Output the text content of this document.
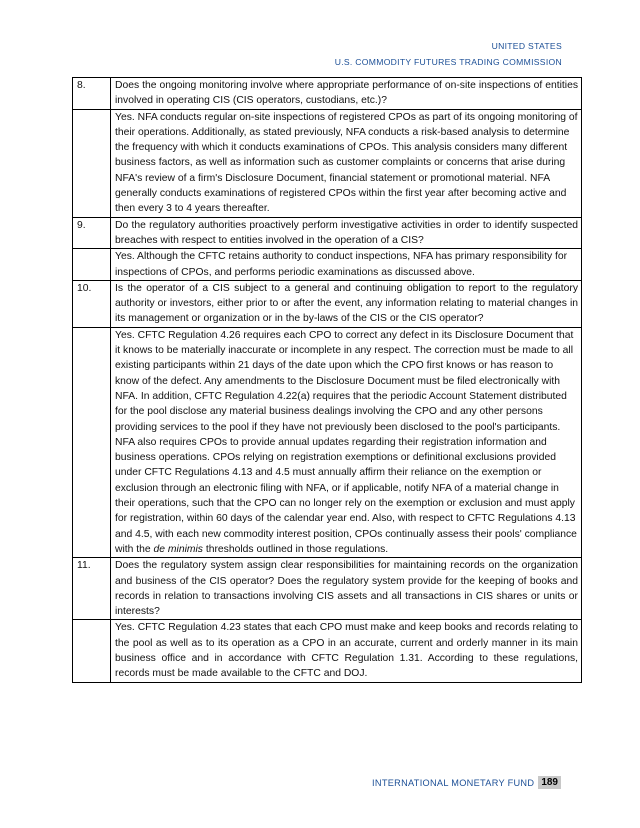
UNITED STATES
U.S. COMMODITY FUTURES TRADING COMMISSION
8.	Does the ongoing monitoring involve where appropriate performance of on-site inspections of entities involved in operating CIS (CIS operators, custodians, etc.)?
	Yes. NFA conducts regular on-site inspections of registered CPOs as part of its ongoing monitoring of their operations. Additionally, as stated previously, NFA conducts a risk-based analysis to determine the frequency with which it conducts examinations of CPOs. This analysis considers many different business factors, as well as information such as customer complaints or concerns that arise during NFA's review of a firm's Disclosure Document, financial statement or promotional material. NFA generally conducts examinations of registered CPOs within the first year after becoming active and then every 3 to 4 years thereafter.
9.	Do the regulatory authorities proactively perform investigative activities in order to identify suspected breaches with respect to entities involved in the operation of a CIS?
	Yes. Although the CFTC retains authority to conduct inspections, NFA has primary responsibility for inspections of CPOs, and performs periodic examinations as discussed above.
10.	Is the operator of a CIS subject to a general and continuing obligation to report to the regulatory authority or investors, either prior to or after the event, any information relating to material changes in its management or organization or in the by-laws of the CIS or the CIS operator?
	Yes. CFTC Regulation 4.26 requires each CPO to correct any defect in its Disclosure Document that it knows to be materially inaccurate or incomplete in any respect. The correction must be made to all existing participants within 21 days of the date upon which the CPO first knows or has reason to know of the defect. Any amendments to the Disclosure Document must be filed electronically with NFA. In addition, CFTC Regulation 4.22(a) requires that the periodic Account Statement distributed for the pool disclose any material business dealings involving the CPO and any other persons providing services to the pool if they have not previously been disclosed to the pool's participants. NFA also requires CPOs to provide annual updates regarding their registration information and business operations. CPOs relying on registration exemptions or definitional exclusions provided under CFTC Regulations 4.13 and 4.5 must annually affirm their reliance on the exemption or exclusion through an electronic filing with NFA, or if applicable, notify NFA of a material change in their operations, such that the CPO can no longer rely on the exemption or exclusion and must apply for registration, within 60 days of the calendar year end. Also, with respect to CFTC Regulations 4.13 and 4.5, with each new commodity interest position, CPOs continually assess their pools' compliance with the de minimis thresholds outlined in those regulations.
11.	Does the regulatory system assign clear responsibilities for maintaining records on the organization and business of the CIS operator? Does the regulatory system provide for the keeping of books and records in relation to transactions involving CIS assets and all transactions in CIS shares or units or interests?
	Yes. CFTC Regulation 4.23 states that each CPO must make and keep books and records relating to the pool as well as to its operation as a CPO in an accurate, current and orderly manner in its main business office and in accordance with CFTC Regulation 1.31. According to these regulations, records must be made available to the CFTC and DOJ.
INTERNATIONAL MONETARY FUND 189
